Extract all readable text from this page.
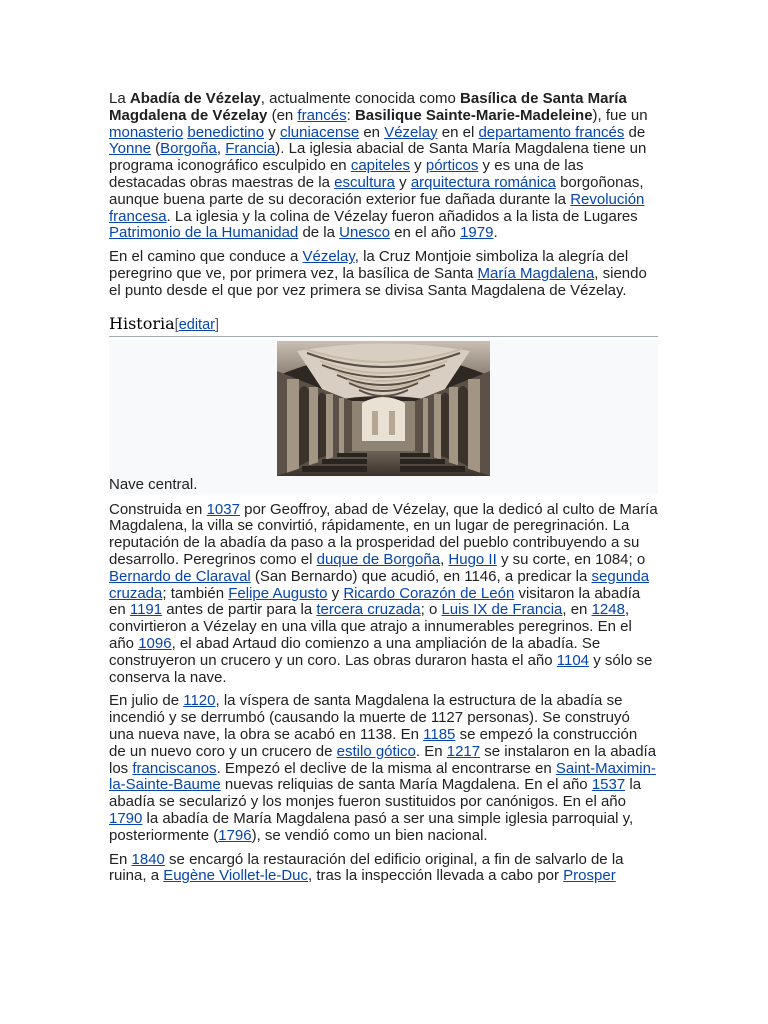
La Abadía de Vézelay, actualmente conocida como Basílica de Santa María Magdalena de Vézelay (en francés: Basilique Sainte-Marie-Madeleine), fue un monasterio benedictino y cluniacense en Vézelay en el departamento francés de Yonne (Borgoña, Francia). La iglesia abacial de Santa María Magdalena tiene un programa iconográfico esculpido en capiteles y pórticos y es una de las destacadas obras maestras de la escultura y arquitectura románica borgoñonas, aunque buena parte de su decoración exterior fue dañada durante la Revolución francesa. La iglesia y la colina de Vézelay fueron añadidos a la lista de Lugares Patrimonio de la Humanidad de la Unesco en el año 1979.

En el camino que conduce a Vézelay, la Cruz Montjoie simboliza la alegría del peregrino que ve, por primera vez, la basílica de Santa María Magdalena, siendo el punto desde el que por vez primera se divisa Santa Magdalena de Vézelay.

Historia[editar]
Nave central.

Construida en 1037 por Geoffroy, abad de Vézelay, que la dedicó al culto de María Magdalena, la villa se convirtió, rápidamente, en un lugar de peregrinación. La reputación de la abadía da paso a la prosperidad del pueblo contribuyendo a su desarrollo. Peregrinos como el duque de Borgoña, Hugo II y su corte, en 1084; o Bernardo de Claraval (San Bernardo) que acudió, en 1146, a predicar la segunda cruzada; también Felipe Augusto y Ricardo Corazón de León visitaron la abadía en 1191 antes de partir para la tercera cruzada; o Luis IX de Francia, en 1248, convirtieron a Vézelay en una villa que atrajo a innumerables peregrinos. En el año 1096, el abad Artaud dio comienzo a una ampliación de la abadía. Se construyeron un crucero y un coro. Las obras duraron hasta el año 1104 y sólo se conserva la nave.

En julio de 1120, la víspera de santa Magdalena la estructura de la abadía se incendió y se derrumbó (causando la muerte de 1127 personas). Se construyó una nueva nave, la obra se acabó en 1138. En 1185 se empezó la construcción de un nuevo coro y un crucero de estilo gótico. En 1217 se instalaron en la abadía los franciscanos. Empezó el declive de la misma al encontrarse en Saint-Maximin-la-Sainte-Baume nuevas reliquias de santa María Magdalena. En el año 1537 la abadía se secularizó y los monjes fueron sustituidos por canónigos. En el año 1790 la abadía de María Magdalena pasó a ser una simple iglesia parroquial y, posteriormente (1796), se vendió como un bien nacional.

En 1840 se encargó la restauración del edificio original, a fin de salvarlo de la ruina, a Eugène Viollet-le-Duc, tras la inspección llevada a cabo por Prosper
